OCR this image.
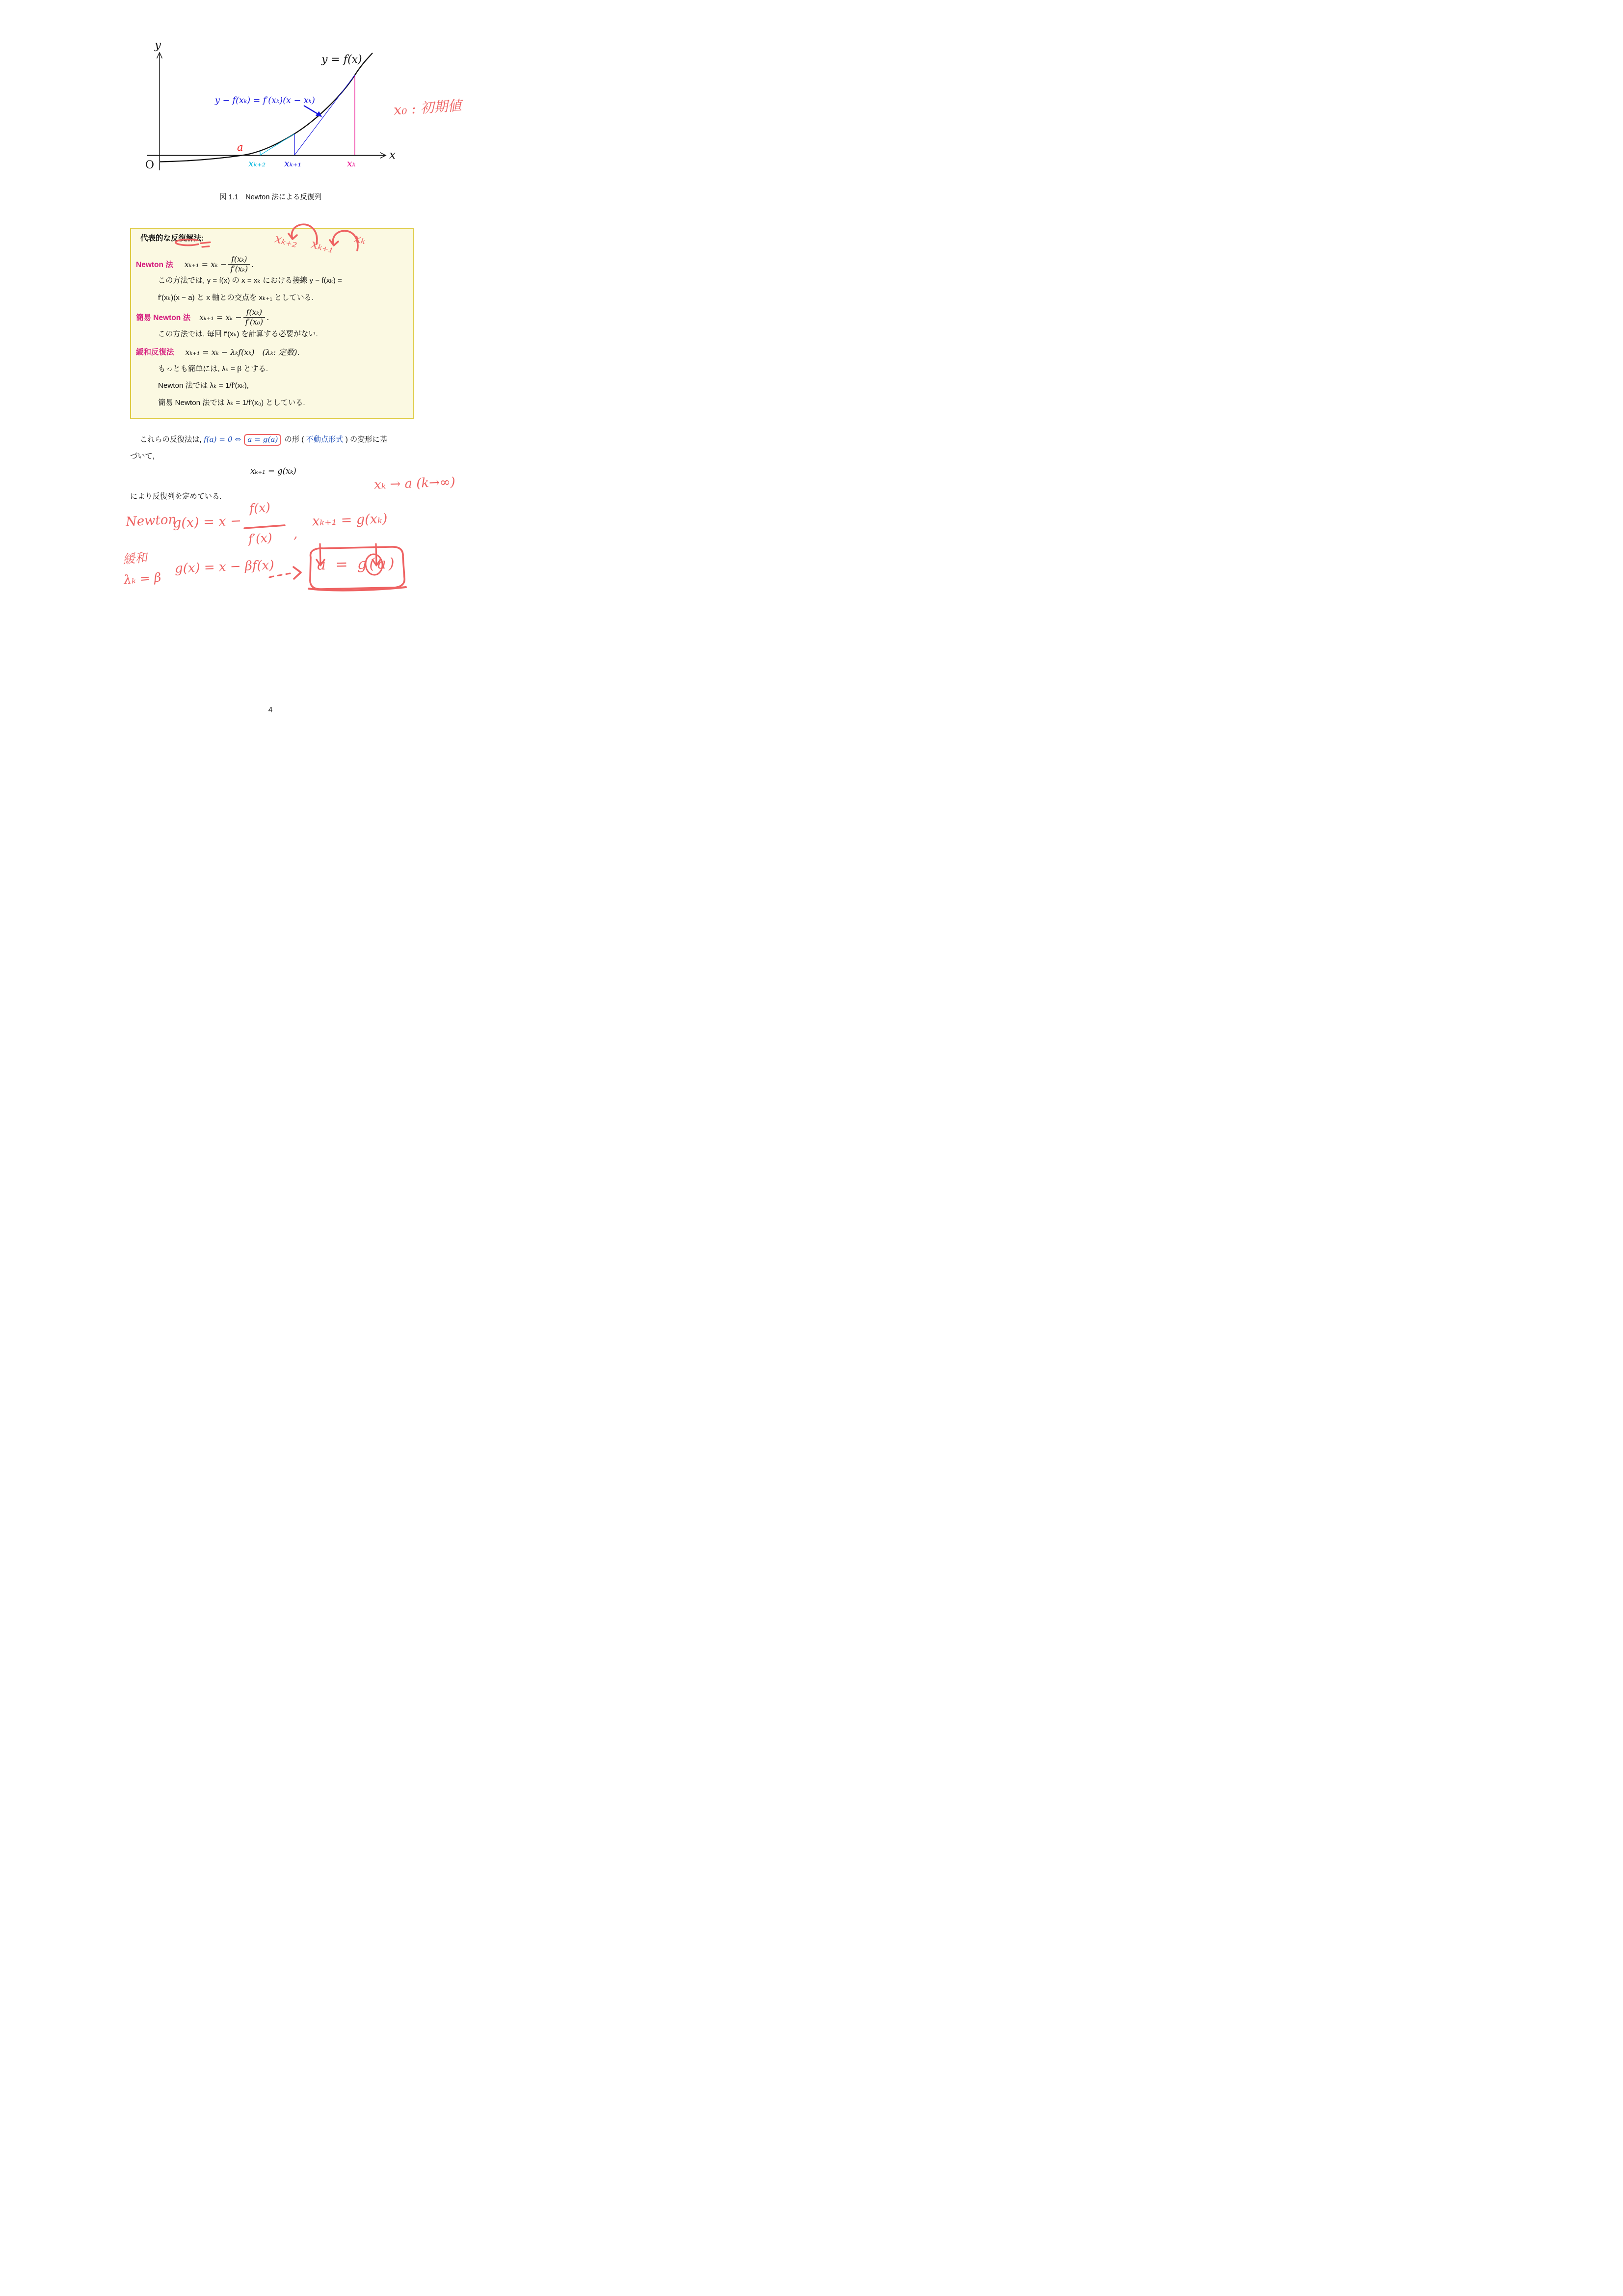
y
x
O
y = f(x)
y − f(xₖ) = f′(xₖ)(x − xₖ)
a
xₖ₊₂ xₖ₊₁	xₖ
x₀ : 初期値
図 1.1　Newton 法による反復列
代表的な反復解法:
Newton 法 $x_{k+1} = x_k - \frac{\text{f(xₖ)}}{\text{f′(xₖ)}}$ .
この方法では, y = f(x) の x = xₖ における接線 y − f(xₖ) =
f′(xₖ)(x − a) と x 軸との交点を xₖ₊₁ としている.
簡易 Newton 法 $x_{k+1} = x_k - \frac{\text{f(xₖ)}}{\text{f′(x₀)}}$ .
この方法では, 毎回 f′(xₖ) を計算する必要がない.
緩和反復法 xₖ₊₁ = xₖ − λₖf(xₖ)　(λₖ: 定数).
もっとも簡単には, λₖ = β とする.
Newton 法では λₖ = 1/f′(xₖ),
簡易 Newton 法では λₖ = 1/f′(x₀) としている.
xₖ₊₂ xₖ₊₁ xₖ
これらの反復法は, f(a) = 0 ⇔ a = g(a) の形 ( 不動点形式 ) の変形に基
づいて,
xₖ₊₁ = g(xₖ)
により反復列を定めている.
xₖ → a (k→∞)
Newton
g(x) = x −
f(x)
f′(x) ,
xₖ₊₁ = g(xₖ)
緩和
λₖ = β
g(x) = x − βf(x)	a = g(a)
4
